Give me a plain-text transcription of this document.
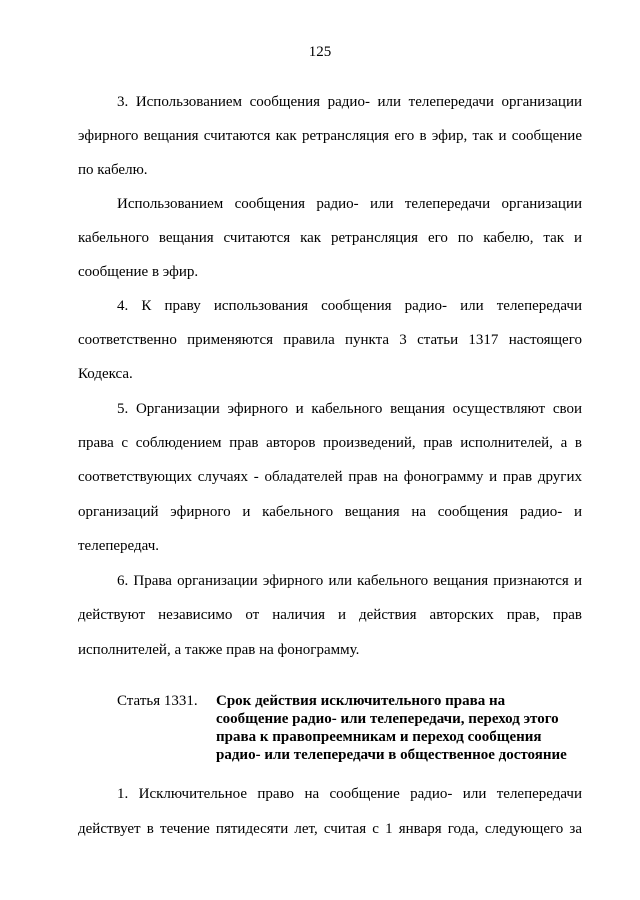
125
3. Использованием сообщения радио- или телепередачи организации
эфирного вещания считаются как ретрансляция его в эфир, так и сообщение
по кабелю.
Использованием сообщения радио- или телепередачи организации
кабельного вещания считаются как ретрансляция его по кабелю, так и
сообщение в эфир.
4. К праву использования сообщения радио- или телепередачи
соответственно применяются правила пункта 3 статьи 1317 настоящего
Кодекса.
5. Организации эфирного и кабельного вещания осуществляют свои
права с соблюдением прав авторов произведений, прав исполнителей, а в
соответствующих случаях - обладателей прав на фонограмму и прав других
организаций эфирного и кабельного вещания на сообщения радио- и
телепередач.
6. Права организации эфирного или кабельного вещания признаются и
действуют независимо от наличия и действия авторских прав, прав
исполнителей, а также прав на фонограмму.
Статья 1331. Срок действия исключительного права на
сообщение радио- или телепередачи, переход этого
права к правопреемникам и переход сообщения
радио- или телепередачи в общественное достояние
1. Исключительное право на сообщение радио- или телепередачи
действует в течение пятидесяти лет, считая с 1 января года, следующего за
